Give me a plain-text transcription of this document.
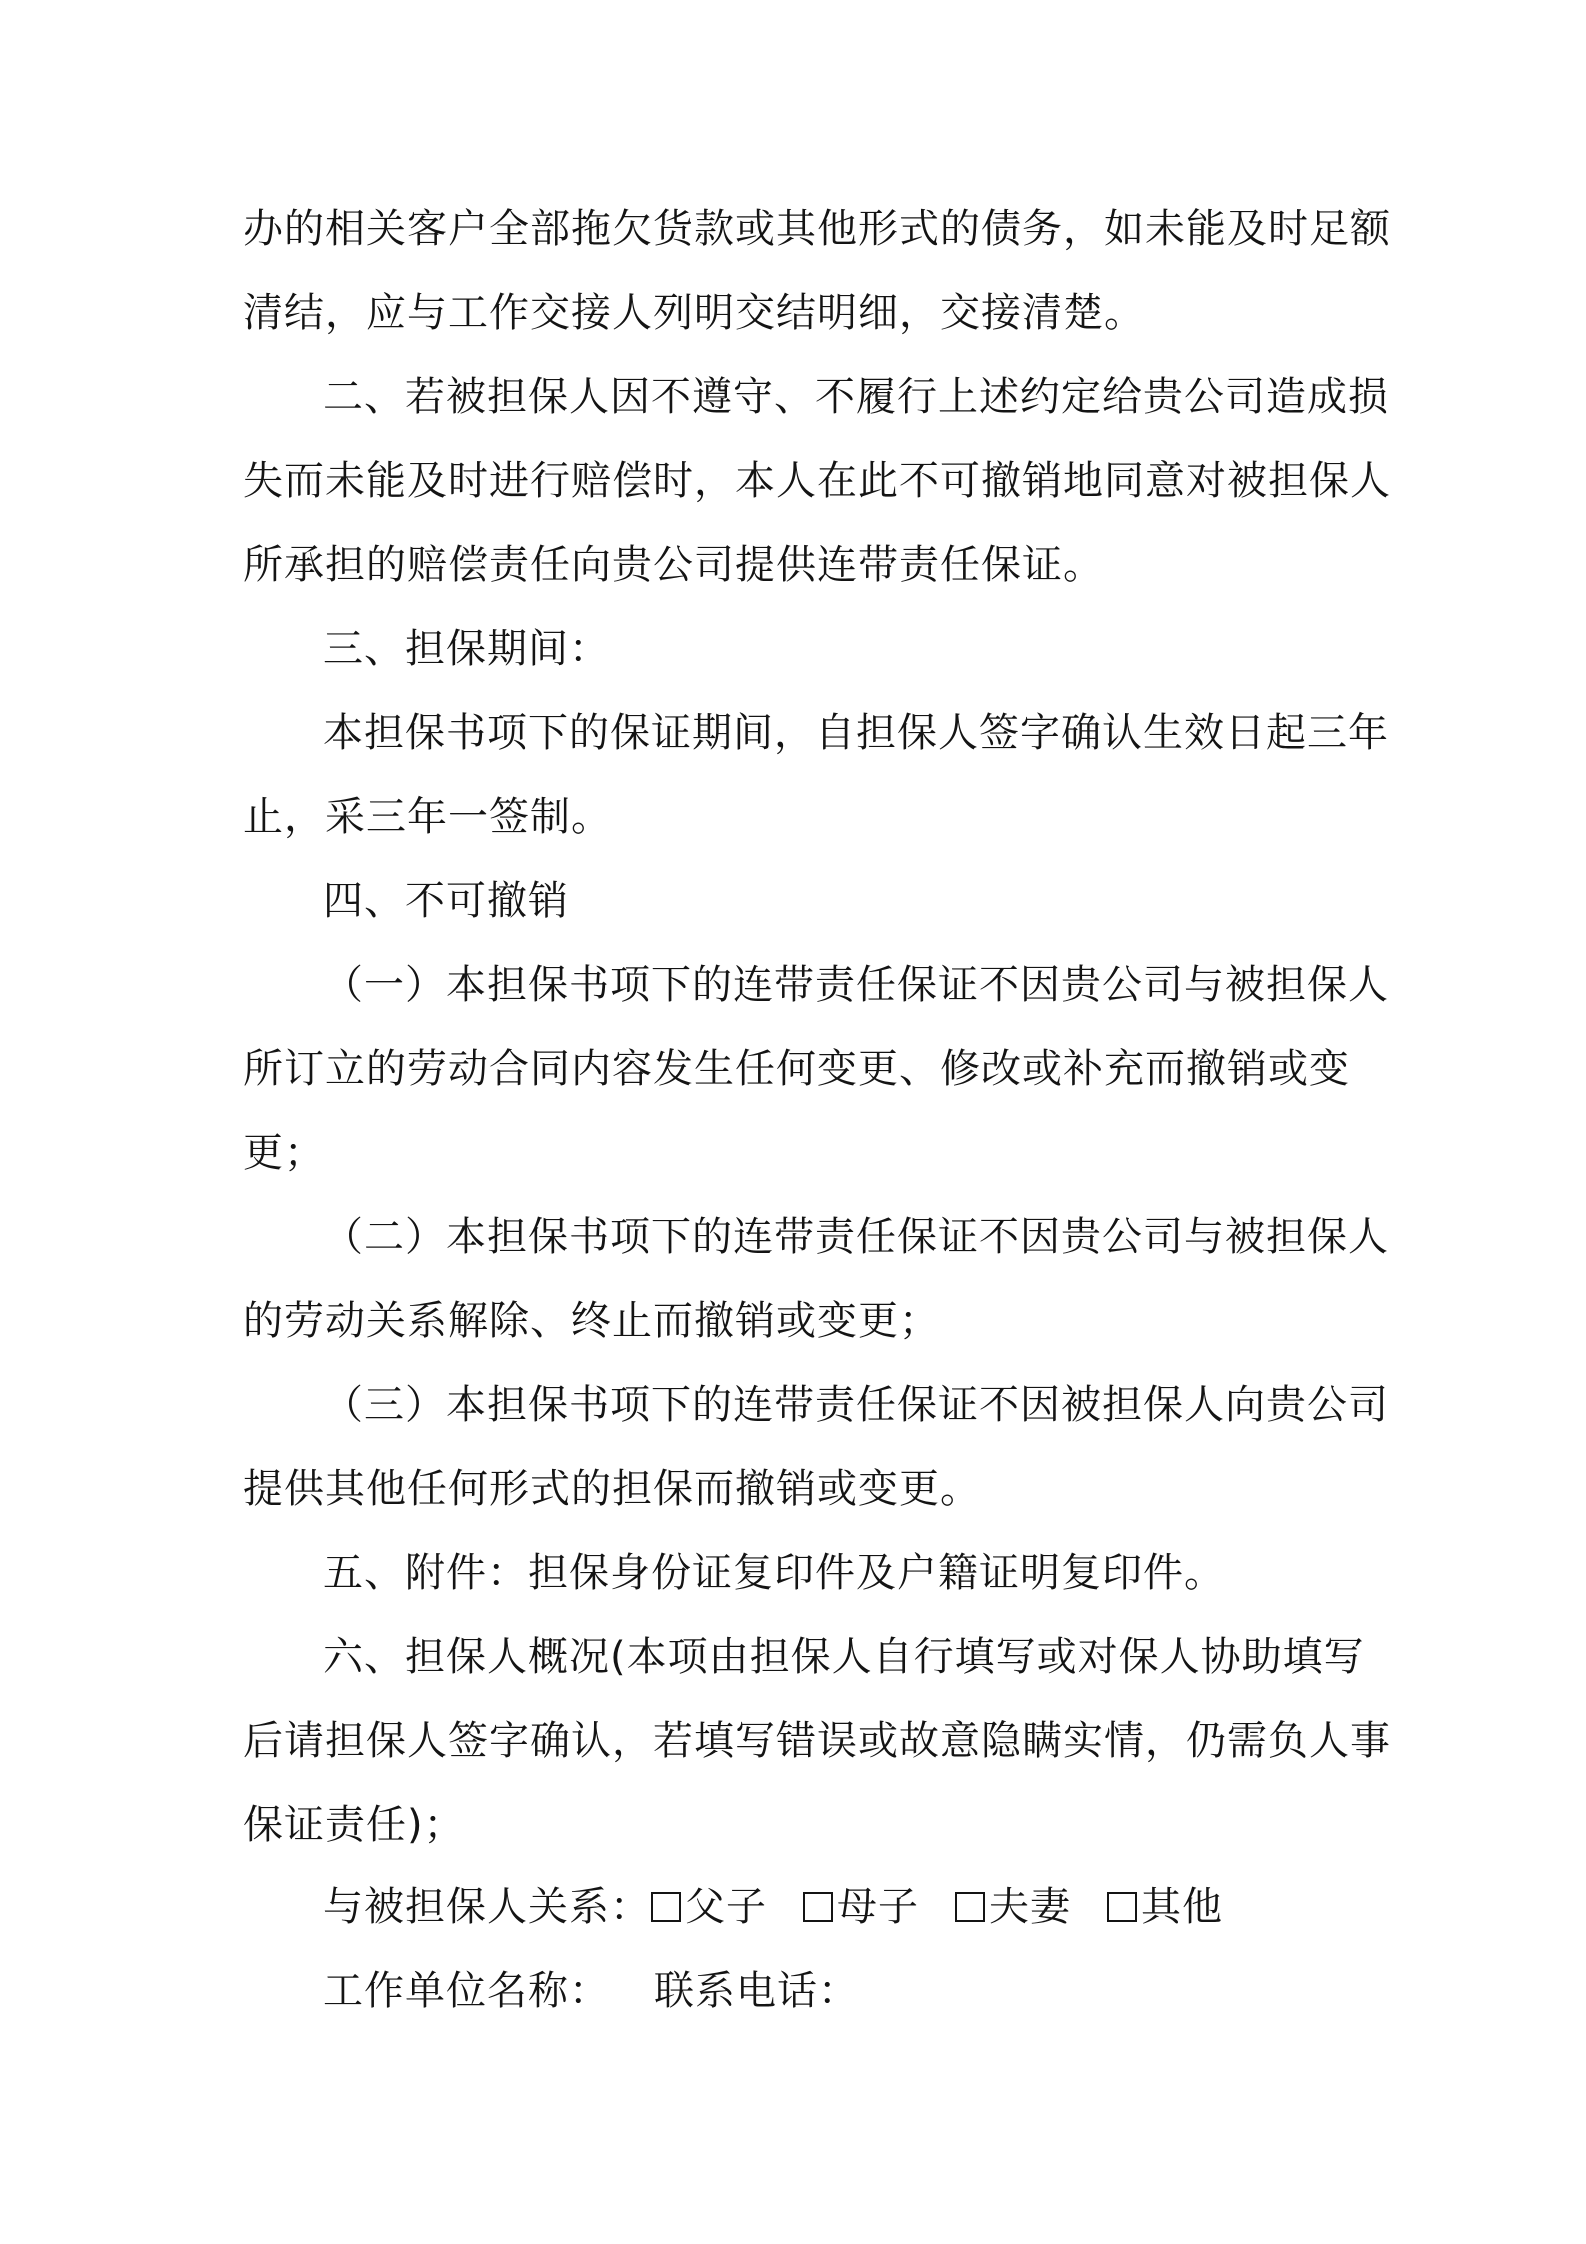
办的相关客户全部拖欠货款或其他形式的债务，如未能及时足额
清结，应与工作交接人列明交结明细，交接清楚。
二、若被担保人因不遵守、不履行上述约定给贵公司造成损
失而未能及时进行赔偿时，本人在此不可撤销地同意对被担保人
所承担的赔偿责任向贵公司提供连带责任保证。
三、担保期间：
本担保书项下的保证期间，自担保人签字确认生效日起三年
止，采三年一签制。
四、不可撤销
（一）本担保书项下的连带责任保证不因贵公司与被担保人
所订立的劳动合同内容发生任何变更、修改或补充而撤销或变
更；
（二）本担保书项下的连带责任保证不因贵公司与被担保人
的劳动关系解除、终止而撤销或变更；
（三）本担保书项下的连带责任保证不因被担保人向贵公司
提供其他任何形式的担保而撤销或变更。
五、附件：担保身份证复印件及户籍证明复印件。
六、担保人概况(本项由担保人自行填写或对保人协助填写
后请担保人签字确认，若填写错误或故意隐瞒实情，仍需负人事
保证责任)；
与被担保人关系： 父子 母子 夫妻 其他
工作单位名称： 联系电话：
